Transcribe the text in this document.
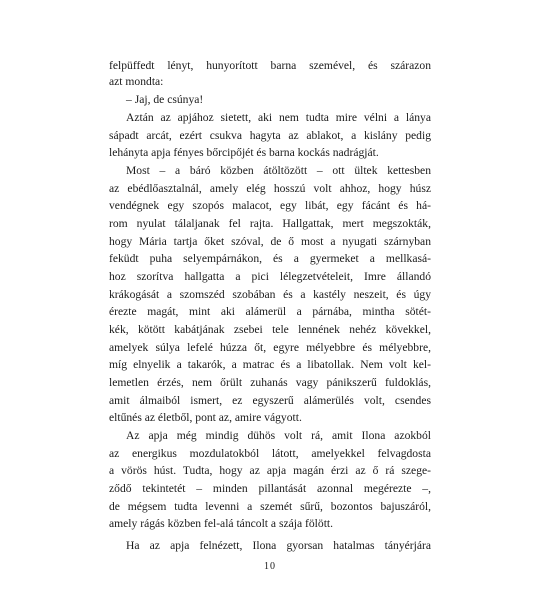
felpüffedt lényt, hunyorított barna szemével, és szárazon
azt mondta:
– Jaj, de csúnya!
Aztán az apjához sietett, aki nem tudta mire vélni a lánya
sápadt arcát, ezért csukva hagyta az ablakot, a kislány pedig
lehányta apja fényes bőrcipőjét és barna kockás nadrágját.
Most – a báró közben átöltözött – ott ültek kettesben
az ebédlőasztalnál, amely elég hosszú volt ahhoz, hogy húsz
vendégnek egy szopós malacot, egy libát, egy fácánt és há-
rom nyulat tálaljanak fel rajta. Hallgattak, mert megszokták,
hogy Mária tartja őket szóval, de ő most a nyugati szárnyban
feküdt puha selyempárnákon, és a gyermeket a mellkasá-
hoz szorítva hallgatta a pici lélegzetvételeit, Imre állandó
krákogását a szomszéd szobában és a kastély neszeit, és úgy
érezte magát, mint aki alámerül a párnába, mintha sötét-
kék, kötött kabátjának zsebei tele lennének nehéz kövekkel,
amelyek súlya lefelé húzza őt, egyre mélyebbre és mélyebbre,
míg elnyelik a takarók, a matrac és a libatollak. Nem volt kel-
lemetlen érzés, nem őrült zuhanás vagy pánikszerű fuldoklás,
amit álmaiból ismert, ez egyszerű alámerülés volt, csendes
eltűnés az életből, pont az, amire vágyott.
Az apja még mindig dühös volt rá, amit Ilona azokból
az energikus mozdulatokból látott, amelyekkel felvagdosta
a vörös húst. Tudta, hogy az apja magán érzi az ő rá szege-
ződő tekintetét – minden pillantását azonnal megérezte –,
de mégsem tudta levenni a szemét sűrű, bozontos bajuszáról,
amely rágás közben fel-alá táncolt a szája fölött.
Ha az apja felnézett, Ilona gyorsan hatalmas tányérjára
10
